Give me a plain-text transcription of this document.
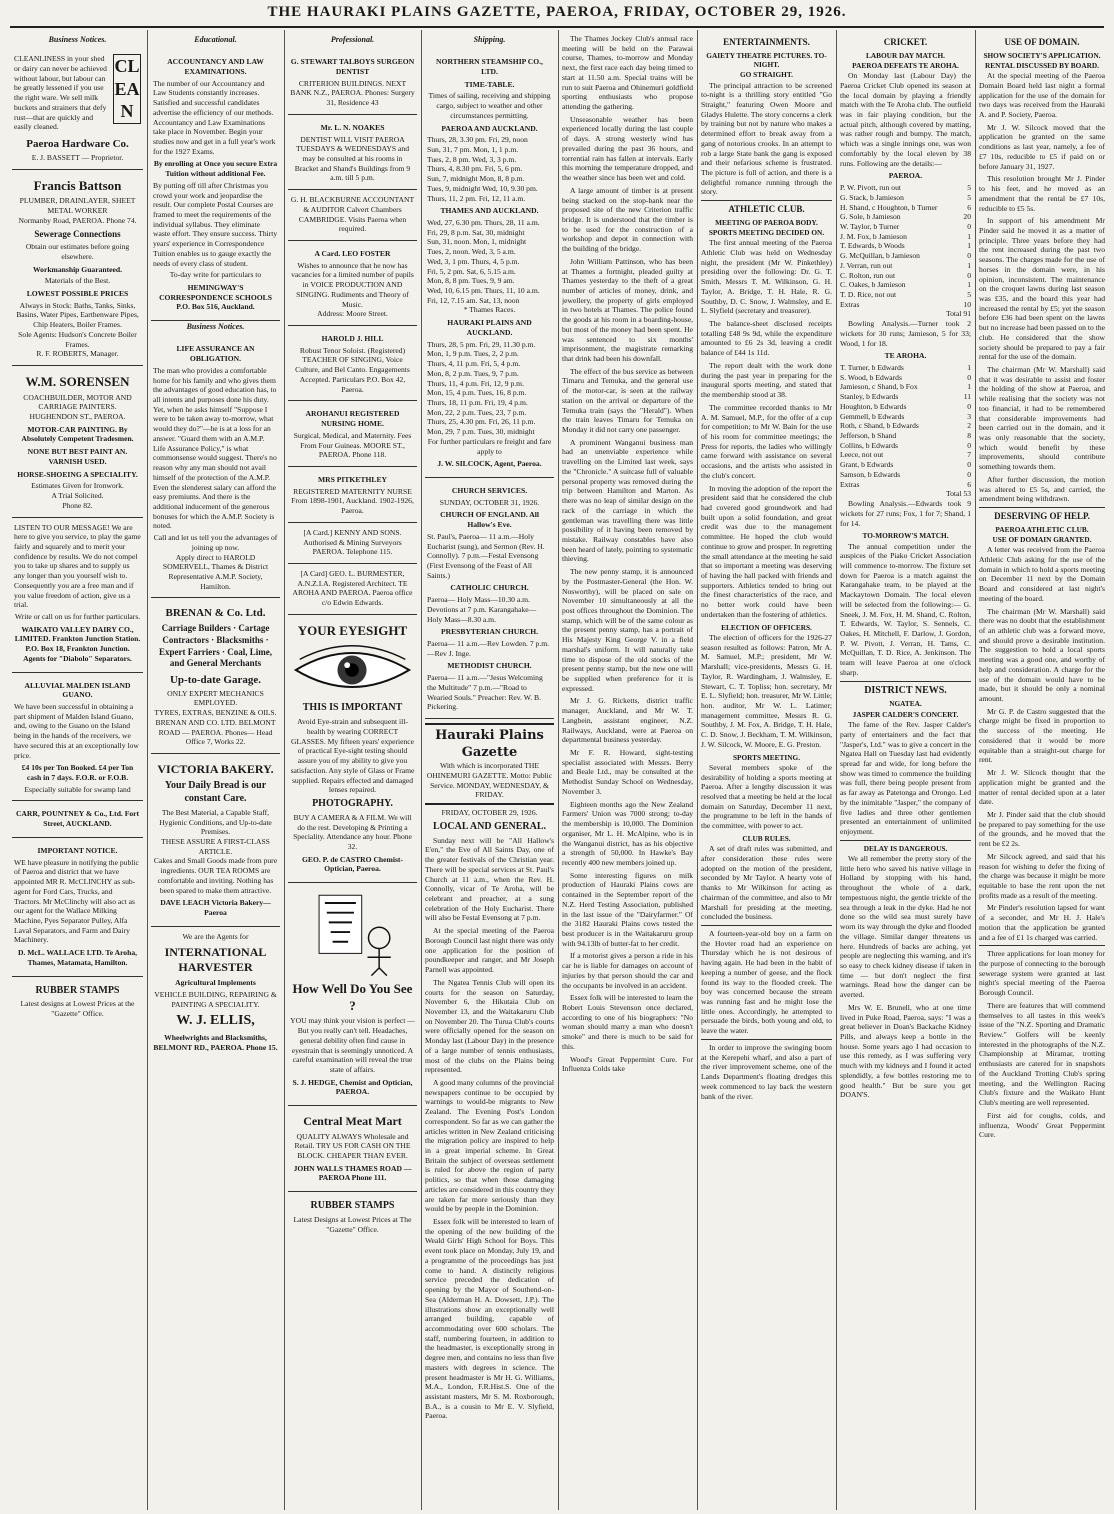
THE HAURAKI PLAINS GAZETTE, PAEROA, FRIDAY, OCTOBER 29, 1926.
Business Notices.
CLEAN

CLEANLINESS in your shed or dairy can never be achieved without labour, but labour can be greatly lessened if you use the right ware. We sell milk buckets and strainers that defy rust—that are quickly and easily cleaned.

Paeroa Hardware Co.
E. J. BASSETT — Proprietor.
Francis Battson
PLUMBER, DRAINLAYER, SHEET METAL WORKER
Normanby Road, PAEROA. Phone 74.
Sewerage Connections
Obtain our estimates before going elsewhere.
Workmanship Guaranteed.
Materials of the Best.
LOWEST POSSIBLE PRICES
Always in Stock: Baths, Tanks, Sinks, Basins, Water Pipes, Earthenware Pipes, Chip Heaters, Boiler Frames.
Sole Agents: Hudson's Concrete Boiler Frames.
R. F. ROBERTS, Manager.
W.M. SORENSEN
COACHBUILDER, MOTOR AND CARRIAGE PAINTERS. HUGHENDON ST., PAEROA.
MOTOR-CAR PAINTING. By Absolutely Competent Tradesmen.
NONE BUT BEST PAINT AN. VARNISH USED.
HORSE-SHOEING A SPECIALITY.
Estimates Given for Ironwork.
A Trial Solicited.
Phone 82.

LISTEN TO OUR MESSAGE! We are here to give you service, to play the game fairly and squarely and to merit your confidence by results. We do not compel you to take up shares and to supply us any longer than you yourself wish to. Consequently you are a free man and if you value freedom of action, give us a trial.

Write or call on us for further particulars.
WAIKATO VALLEY DAIRY CO., LIMITED. Frankton Junction Station. P.O. Box 18, Frankton Junction. Agents for "Diabolo" Separators.
ALLUVIAL MALDEN ISLAND GUANO.

We have been successful in obtaining a part shipment of Malden Island Guano, and, owing to the Guano on the Island being in the hands of the receivers, we have secured this at an exceptionally low price.

£4 10s per Ton Booked. £4 per Ton cash in 7 days. F.O.R. or F.O.B.
Especially suitable for swamp land
CARR, POUNTNEY & Co., Ltd. Fort Street, AUCKLAND.
IMPORTANT NOTICE.

WE have pleasure in notifying the public of Paeroa and district that we have appointed MR R. McCLINCHY as sub-agent for Ford Cars, Trucks, and Tractors. Mr McClinchy will also act as our agent for the Wallace Milking Machine, Pyes Separator Pulley, Alfa Laval Separators, and Farm and Dairy Machinery.

D. McL. WALLACE LTD. Te Aroha, Thames, Matamata, Hamilton.
RUBBER STAMPS
Latest designs at Lowest Prices at the "Gazette" Office.
Educational.
ACCOUNTANCY AND LAW EXAMINATIONS.

The number of our Accountancy and Law Students constantly increases. Satisfied and successful candidates advertise the efficiency of our methods. Accountancy and Law Examinations take place in November. Begin your studies now and get in a full year's work for the 1927 Exams.

By enrolling at Once you secure Extra Tuition without additional Fee.

By putting off till after Christmas you crowd your work and jeopardise the result. Our complete Postal Courses are framed to meet the requirements of the individual syllabus. They eliminate waste effort. They ensure success. Thirty years' experience in Correspondence Tuition enables us to gauge exactly the needs of every class of student.

To-day write for particulars to
HEMINGWAY'S CORRESPONDENCE SCHOOLS P.O. Box 516, Auckland.
Business Notices.
LIFE ASSURANCE AN OBLIGATION.

The man who provides a comfortable home for his family and who gives them the advantages of good education has, to all intents and purposes done his duty. Yet, when he asks himself "Suppose I were to be taken away to-morrow, what would they do?"—he is at a loss for an answer. "Guard them with an A.M.P. Life Assurance Policy," is what commonsense would suggest. There's no reason why any man should not avail himself of the protection of the A.M.P. Even the slenderest salary can afford the easy premiums. And there is the additional inducement of the generous bonuses for which the A.M.P. Society is noted.

Call and let us tell you the advantages of joining up now.
Apply direct to HAROLD SOMERVELL, Thames & District Representative A.M.P. Society, Hamilton.
BRENAN & Co. Ltd.
Carriage Builders · Cartage Contractors · Blacksmiths · Expert Farriers · Coal, Lime, and General Merchants
Up-to-date Garage.
ONLY EXPERT MECHANICS EMPLOYED.
TYRES, EXTRAS, BENZINE & OILS.
BRENAN AND CO. LTD. BELMONT ROAD — PAEROA. Phones— Head Office 7, Works 22.
VICTORIA BAKERY.
Your Daily Bread is our constant Care.
The Best Material, a Capable Staff, Hygienic Conditions, and Up-to-date Premises.
THESE ASSURE A FIRST-CLASS ARTICLE.
Cakes and Small Goods made from pure ingredients. OUR TEA ROOMS are comfortable and inviting. Nothing has been spared to make them attractive.
DAVE LEACH Victoria Bakery—Paeroa
We are the Agents for
INTERNATIONAL HARVESTER
Agricultural Implements
VEHICLE BUILDING, REPAIRING & PAINTING A SPECIALITY.
W. J. ELLIS,
Wheelwrights and Blacksmiths, BELMONT RD., PAEROA. Phone 15.
Professional.
G. STEWART TALBOYS SURGEON DENTIST
CRITERION BUILDINGS. NEXT BANK N.Z., PAEROA. Phones: Surgery 31, Residence 43
Mr. L. N. NOAKES
DENTIST WILL VISIT PAEROA TUESDAYS & WEDNESDAYS and may be consulted at his rooms in Bracket and Shand's Buildings from 9 a.m. till 5 p.m.
G. H. BLACKBURNE ACCOUNTANT & AUDITOR Calvert Chambers CAMBRIDGE. Visits Paeroa when required.
A Card. LEO FOSTER
Wishes to announce that he now has vacancies for a limited number of pupils in VOICE PRODUCTION AND SINGING. Rudiments and Theory of Music.
Address: Moore Street.
HAROLD J. HILL
Robust Tenor Soloist. (Registered) TEACHER OF SINGING, Voice Culture, and Bel Canto. Engagements Accepted. Particulars P.O. Box 42, Paeroa.
AROHANUI REGISTERED NURSING HOME.
Surgical, Medical, and Maternity. Fees From Four Guineas. MOORE ST., PAEROA. Phone 118.
MRS PITKETHLEY
REGISTERED MATERNITY NURSE From 1898-1901, Auckland. 1902-1926, Paeroa.
[A Card.] KENNY AND SONS. Authorised & Mining Surveyors PAEROA. Telephone 115.
[A Card] GEO. L. BURMESTER, A.N.Z.I.A. Registered Architect. TE AROHA AND PAEROA. Paeroa office c/o Edwin Edwards.
YOUR EYESIGHT
THIS IS IMPORTANT
Avoid Eye-strain and subsequent ill-health by wearing CORRECT GLASSES. My fifteen years' experience of practical Eye-sight testing should assure you of my ability to give you satisfaction. Any style of Glass or Frame supplied. Repairs effected and damaged lenses repaired.
PHOTOGRAPHY.
BUY A CAMERA & A FILM. We will do the rest. Developing & Printing a Speciality. Attendance any hour. Phone 32.
GEO. P. de CASTRO Chemist-Optician, Paeroa.
How Well Do You See ?
YOU may think your vision is perfect — But you really can't tell. Headaches, general debility often find cause in eyestrain that is seemingly unnoticed. A careful examination will reveal the true state of affairs.
S. J. HEDGE, Chemist and Optician, PAEROA.
Central Meat Mart
QUALITY ALWAYS Wholesale and Retail. TRY US FOR CASH ON THE BLOCK. CHEAPER THAN EVER.
JOHN WALLS THAMES ROAD — PAEROA Phone 111.
RUBBER STAMPS
Latest Designs at Lowest Prices at The "Gazette" Office.
Shipping.
NORTHERN STEAMSHIP CO., LTD.
TIME-TABLE.
Times of sailing, receiving and shipping cargo, subject to weather and other circumstances permitting.
PAEROA AND AUCKLAND.
Thurs, 28, 3.30 pm. Fri, 29, noon
Sun, 31, 7 pm. Mon, 1, 1 p.m.
Tues, 2, 8 pm. Wed, 3, 3 p.m.
Thurs, 4, 8.30 pm. Fri, 5, 6 pm.
Sun, 7, midnight Mon, 8, 8 p.m.
Tues, 9, midnight Wed, 10, 9.30 pm.
Thurs, 11, 2 pm. Fri, 12, 11 a.m.
THAMES AND AUCKLAND.
Wed, 27, 6.30 pm. Thurs, 28, 11 a.m.
Fri, 29, 8 p.m. Sat, 30, midnight
Sun, 31, noon. Mon, 1, midnight
Tues, 2, noon. Wed, 3, 5 a.m.
Wed, 3, 1 pm. Thurs, 4, 5 p.m.
Fri, 5, 2 pm. Sat, 6, 5.15 a.m.
Mon, 8, 8 pm. Tues, 9, 9 am.
Wed, 10, 6.15 pm. Thurs, 11, 10 a.m.
Fri, 12, 7.15 am. Sat, 13, noon
* Thames Races.
HAURAKI PLAINS AND AUCKLAND.
Thurs, 28, 5 pm. Fri, 29, 11.30 p.m.
Mon, 1, 9 p.m. Tues, 2, 2 p.m.
Thurs, 4, 11 p.m. Fri, 5, 4 p.m.
Mon, 8, 2 p.m. Tues, 9, 7 p.m.
Thurs, 11, 4 p.m. Fri, 12, 9 p.m.
Mon, 15, 4 p.m. Tues, 16, 8 p.m.
Thurs, 18, 11 p.m. Fri, 19, 4 p.m.
Mon, 22, 2 p.m. Tues, 23, 7 p.m.
Thurs, 25, 4.30 pm. Fri, 26, 11 p.m.
Mon, 29, 7 p.m. Tues, 30, midnight
For further particulars re freight and fare apply to
J. W. SILCOCK, Agent, Paeroa.
CHURCH SERVICES.
SUNDAY, OCTOBER 31, 1926.
CHURCH OF ENGLAND. All Hallow's Eve.
St. Paul's, Paeroa— 11 a.m.—Holy Eucharist (sung), and Sermon (Rev. H. Connolly). 7 p.m.—Festal Evensong (First Evensong of the Feast of All Saints.)
CATHOLIC CHURCH.
Paeroa— Holy Mass—10.30 a.m. Devotions at 7 p.m. Karangahake— Holy Mass—8.30 a.m.
PRESBYTERIAN CHURCH.
Paeroa— 11 a.m.—Rev Lowden. 7 p.m.—Rev J. Inge.
METHODIST CHURCH.
Paeroa— 11 a.m.—"Jesus Welcoming the Multitude" 7 p.m.—"Road to Wearied Souls." Preacher: Rev. W. B. Pickering.
Hauraki Plains Gazette
With which is incorporated THE OHINEMURI GAZETTE. Motto: Public Service. MONDAY, WEDNESDAY, & FRIDAY.
FRIDAY, OCTOBER 29, 1926.
LOCAL AND GENERAL.

Sunday next will be "All Hallow's E'en," the Eve of All Saints Day, one of the greater festivals of the Christian year. There will be special services at St. Paul's Church at 11 a.m., when the Rev. H. Connolly, vicar of Te Aroha, will be celebrant and preacher, at a sung celebration of the Holy Eucharist. There will also be Festal Evensong at 7 p.m.

At the special meeting of the Paeroa Borough Council last night there was only one application for the position of poundkeeper and ranger, and Mr Joseph Parnell was appointed.

The Ngatea Tennis Club will open its courts for the season on Saturday, November 6, the Hikutaia Club on November 13, and the Waitakaruru Club on November 20. The Turua Club's courts were officially opened for the season on Monday last (Labour Day) in the presence of a large number of tennis enthusiasts, most of the clubs on the Plains being represented.

A good many columns of the provincial newspapers continue to be occupied by warnings to would-be migrants to New Zealand. The Evening Post's London correspondent. So far as we can gather the articles written in New Zealand criticising the migration policy are inspired to help in a great imperial scheme. In Great Britain the subject of overseas settlement is ruled for above the region of party politics, so that when those damaging articles are considered in this country they are taken far more seriously than they would be by people in the Dominion.

Essex folk will be interested to learn of the opening of the new building of the Weald Girls' High School for Boys. This event took place on Monday, July 19, and a programme of the proceedings has just come to hand. A distinctly religious service preceded the dedication of opening by the Mayor of Southend-on-Sea (Alderman H. A. Dowsett, J.P.). The illustrations show an exceptionally well arranged building, capable of accommodating over 600 scholars. The staff, numbering fourteen, in addition to the headmaster, is exceptionally strong in degree men, and contains no less than five masters with degrees in science. The present headmaster is Mr H. G. Williams, M.A., London, F.R.Hist.S. One of the assistant masters, Mr S. M. Roxborough, B.A., is a cousin to Mr E. V. Slyfield, Paeroa.

The Thames Jockey Club's annual race meeting will be held on the Parawai course, Thames, to-morrow and Monday next, the first race each day being timed to start at 11.50 a.m. Special trains will be run to suit Paeroa and Ohinemuri goldfield sporting enthusiasts who propose attending the gathering.

Unseasonable weather has been experienced locally during the last couple of days. A strong westerly wind has prevailed during the past 36 hours, and torrential rain has fallen at intervals. Early this morning the temperature dropped, and the weather since has been wet and cold.

A large amount of timber is at present being stacked on the stop-bank near the proposed site of the new Criterion traffic bridge. It is understood that the timber is to be used for the construction of a workshop and depot in connection with the building of the bridge.

John William Pattinson, who has been at Thames a fortnight, pleaded guilty at Thames yesterday to the theft of a great number of articles of money, drink, and jewellery, the property of girls employed in two hotels at Thames. The police found the goods at his room in a boarding-house, but most of the money had been spent. He was sentenced to six months' imprisonment, the magistrate remarking that drink had been his downfall.

The effect of the bus service as between Timaru and Temuka, and the general use of the motor-car, is seen at the railway station on the arrival or departure of the Temuka train (says the "Herald"). When the train leaves Timaru for Temuka on Monday it did not carry one passenger.

A prominent Wanganui business man had an unenviable experience while travelling on the Limited last week, says the "Chronicle." A suitcase full of valuable personal property was removed during the trip between Hamilton and Marton. As there was no leap of similar design on the rack of the carriage in which the gentleman was travelling there was little possibility of it having been removed by mistake. Railway constables have also been heard of lately, pointing to systematic thieving.

The new penny stamp, it is announced by the Postmaster-General (the Hon. W. Nosworthy), will be placed on sale on November 10 simultaneously at all the post offices throughout the Dominion. The stamp, which will be of the same colour as the present penny stamp, has a portrait of His Majesty King George V. in a field marshal's uniform. It will naturally take time to dispose of the old stocks of the present penny stamp, but the new one will be supplied when preference for it is expressed.

Mr J. G. Ricketts, district traffic manager, Auckland, and Mr W. T. Langbein, assistant engineer, N.Z. Railways, Auckland, were at Paeroa on departmental business yesterday.

Mr F. R. Howard, sight-testing specialist associated with Messrs. Berry and Beale Ltd., may be consulted at the Methodist Sunday School on Wednesday, November 3.

Eighteen months ago the New Zealand Farmers' Union was 7000 strong; to-day the membership is 10,000. The Dominion organiser, Mr L. H. McAlpine, who is in the Wanganui district, has as his objective a strength of 50,000. In Hawke's Bay recently 400 new members joined up.

Some interesting figures on milk production of Hauraki Plains cows are contained in the September report of the N.Z. Herd Testing Association, published in the last issue of the "Dairyfarmer." Of the 3182 Hauraki Plains cows tested the best producer is in the Waitakaruru group with 94.13lb of butter-fat to her credit.

If a motorist gives a person a ride in his car he is liable for damages on account of injuries by that person should the car and the occupants be involved in an accident.

Essex folk will be interested to learn the Robert Louis Stevenson once declared, according to one of his biographers: "No woman should marry a man who doesn't smoke" and there is much to be said for this.

Wood's Great Peppermint Cure. For Influenza Colds take

ENTERTAINMENTS.
GAIETY THEATRE PICTURES. TO-NIGHT.
GO STRAIGHT.

The principal attraction to be screened to-night is a thrilling story entitled "Go Straight," featuring Owen Moore and Gladys Hulette. The story concerns a clerk by training but not by nature who makes a determined effort to break away from a gang of notorious crooks. In an attempt to rob a large State bank the gang is exposed and their nefarious scheme is frustrated. The picture is full of action, and there is a delightful romance running through the story.

ATHLETIC CLUB.
MEETING OF PAEROA BODY.
SPORTS MEETING DECIDED ON.

The first annual meeting of the Paeroa Athletic Club was held on Wednesday night, the president (Mr W. Pinkethley) presiding over the following: Dr. G. T. Smith, Messrs T. M. Wilkinson, G. H. Taylor, A. Bridge, T. H. Hale, R. G. Southby, D. C. Snow, J. Walmsley, and E. L. Slyfield (secretary and treasurer).

The balance-sheet disclosed receipts totalling £48 9s 9d, while the expenditure amounted to £6 2s 3d, leaving a credit balance of £44 1s 11d.

The report dealt with the work done during the past year in preparing for the inaugural sports meeting, and stated that the membership stood at 38.

The committee recorded thanks to Mr A. M. Samuel, M.P., for the offer of a cup for competition; to Mr W. Bain for the use of his room for committee meetings; the Press for reports, the ladies who willingly came forward with assistance on several occasions, and the artists who assisted in the club's concert.

In moving the adoption of the report the president said that he considered the club had covered good groundwork and had built upon a solid foundation, and great credit was due to the management committee. He hoped the club would continue to grow and prosper. In regretting the small attendance at the meeting he said that so important a meeting was deserving of having the hall packed with friends and supporters. Athletics tended to bring out the finest characteristics of the race, and no better work could have been undertaken than the fostering of athletics.

ELECTION OF OFFICERS.

The election of officers for the 1926-27 season resulted as follows: Patron, Mr A. M. Samuel, M.P.; president, Mr W. Marshall; vice-presidents, Messrs G. H. Taylor, R. Wardingham, J. Walmsley, E. Stewart, C. T. Topliss; hon. secretary, Mr E. L. Slyfield; hon. treasurer, Mr W. Little; hon. auditor, Mr W. L. Latimer; management committee, Messrs R. G. Southby, J. M. Fox, A. Bridge, T. H. Hale, C. D. Snow, J. Beckham, T. M. Wilkinson, J. W. Silcock, W. Moore, E. G. Preston.

SPORTS MEETING.

Several members spoke of the desirability of holding a sports meeting at Paeroa. After a lengthy discussion it was resolved that a meeting be held at the local domain on Saturday, December 11 next, the programme to be left in the hands of the committee, with power to act.

CLUB RULES.

A set of draft rules was submitted, and after consideration these rules were adopted on the motion of the president, seconded by Mr Taylor. A hearty vote of thanks to Mr Wilkinson for acting as chairman of the committee, and also to Mr Marshall for presiding at the meeting, concluded the business.

A fourteen-year-old boy on a farm on the Hovter road had an experience on Thursday which he is not desirous of having again. He had been in the habit of keeping a number of geese, and the flock found its way to the flooded creek. The boy was concerned because the stream was running fast and he might lose the little ones. Accordingly, he attempted to persuade the birds, both young and old, to leave the water.

In order to improve the swinging boom at the Kerepehi wharf, and also a part of the river improvement scheme, one of the Lands Department's floating dredges this week commenced to lay back the western bank of the river.

CRICKET.
LABOUR DAY MATCH.
PAEROA DEFEATS TE AROHA.

On Monday last (Labour Day) the Paeroa Cricket Club opened its season at the local domain by playing a friendly match with the Te Aroha club. The outfield was in fair playing condition, but the actual pitch, although covered by matting, was rather rough and bumpy. The match, which was a single innings one, was won comfortably by the local eleven by 38 runs. Following are the details:—

PAEROA.
P. W. Pivott, run out	5
G. Stack, b Jamieson	5
H. Shand, c Houghton, b Turner	6
G. Sole, b Jamieson	20
W. Taylor, b Turner	0
J. M. Fox, b Jamieson	1
T. Edwards, b Woods	1
G. McQuillan, b Jamieson	0
J. Verran, run out	1
C. Rolton, run out	0
C. Oakes, b Jamieson	1
T. D. Rice, not out	5
Extras	10
Total 91

Bowling Analysis.—Turner took 2 wickets for 30 runs; Jamieson, 5 for 33; Wood, 1 for 18.

TE AROHA.
T. Turner, b Edwards	1
S. Wood, b Edwards	0
Jamieson, c Shand, b Fox	1
Stanley, b Edwards	11
Houghton, b Edwards	0
Gemmell, b Edwards	3
Roth, c Shand, b Edwards	2
Jefferson, b Shand	8
Collins, b Edwards	0
Leece, not out	7
Grant, b Edwards	0
Samson, b Edwards	0
Extras	6
Total 53

Bowling Analysis.—Edwards took 9 wickets for 27 runs; Fox, 1 for 7; Shand, 1 for 14.

TO-MORROW'S MATCH.

The annual competition under the auspices of the Piako Cricket Association will commence to-morrow. The fixture set down for Paeroa is a match against the Karangahake team, to be played at the Mackaytown Domain. The local eleven will be selected from the following:— G. Sneek, J. M. Fox, H. M. Shand, C. Rolton, T. Edwards, W. Taylor, S. Sennels, C. Oakes, H. Mitchell, F. Darlow, J. Gordon, P. W. Pivott, J. Verran, H. Tams, C. McQuillan, T. D. Rice, A. Jenkinson. The team will leave Paeroa at one o'clock sharp.

DISTRICT NEWS.
NGATEA.
JASPER CALDER'S CONCERT.

The fame of the Rev. Jasper Calder's party of entertainers and the fact that "Jasper's, Ltd." was to give a concert in the Ngatea Hall on Tuesday last had evidently spread far and wide, for long before the show was timed to commence the building was full, there being people present from as far away as Patetonga and Orongo. Led by the inimitable "Jasper," the company of five ladies and three other gentlemen presented an entertainment of unlimited enjoyment.

DELAY IS DANGEROUS.

We all remember the pretty story of the little hero who saved his native village in Holland by stopping with his hand, throughout the whole of a dark, tempestuous night, the gentle trickle of the sea through a leak in the dyke. Had he not done so the wild sea must surely have worn its way through the dyke and flooded the village. Similar danger threatens us here. Hundreds of backs are aching, yet people are neglecting this warning, and it's so easy to check kidney disease if taken in time — but don't neglect the first warnings. Read how the danger can be averted.

Mrs W. E. Brunell, who at one time lived in Puke Road, Paeroa, says: "I was a great believer in Doan's Backache Kidney Pills, and always keep a bottle in the house. Some years ago I had occasion to use this remedy, as I was suffering very much with my kidneys and I found it acted splendidly, a few bottles restoring me to good health." But be sure you get DOAN'S.

USE OF DOMAIN.
SHOW SOCIETY'S APPLICATION.
RENTAL DISCUSSED BY BOARD.

At the special meeting of the Paeroa Domain Board held last night a formal application for the use of the domain for two days was received from the Hauraki A. and P. Society, Paeroa.

Mr J. W. Silcock moved that the application be granted on the same conditions as last year, namely, a fee of £7 10s, reducible to £5 if paid on or before January 31, 1927.

This resolution brought Mr J. Pinder to his feet, and he moved as an amendment that the rental be £7 10s, reducible to £5 5s.

In support of his amendment Mr Pinder said he moved it as a matter of principle. Three years before they had the rent increased during the past two seasons. The charges made for the use of horses in the domain were, in his opinion, inconsistent. The maintenance on the croquet lawns during last season was £35, and the board this year had increased the rental by £5; yet the season before £36 had been spent on the lawns but no increase had been passed on to the club. He considered that the show society should be prepared to pay a fair rental for the use of the domain.

The chairman (Mr W. Marshall) said that it was desirable to assist and foster the holding of the show at Paeroa, and while realising that the society was not too financial, it had to be remembered that considerable improvements had been carried out in the domain, and it was only reasonable that the society, which would benefit by these improvements, should contribute something towards them.

After further discussion, the motion was altered to £5 5s, and carried, the amendment being withdrawn.

DESERVING OF HELP.
PAEROA ATHLETIC CLUB.
USE OF DOMAIN GRANTED.

A letter was received from the Paeroa Athletic Club asking for the use of the domain in which to hold a sports meeting on December 11 next by the Domain Board and considered at last night's meeting of the board.

The chairman (Mr W. Marshall) said there was no doubt that the establishment of an athletic club was a forward move, and should prove a desirable institution. The suggestion to hold a local sports meeting was a good one, and worthy of help and consideration. A charge for the use of the domain would have to be made, but it should be only a nominal amount.

Mr G. P. de Castro suggested that the charge might be fixed in proportion to the success of the meeting. He considered that it would be more equitable than a straight-out charge for rent.

Mr J. W. Silcock thought that the application might be granted and the matter of rental decided upon at a later date.

Mr J. Pinder said that the club should be prepared to pay something for the use of the grounds, and he moved that the rent be £2 2s.

Mr Silcock agreed, and said that his reason for wishing to defer the fixing of the charge was because it might be more equitable to base the rent upon the net profits made as a result of the meeting.

Mr Pinder's resolution lapsed for want of a seconder, and Mr H. J. Hale's motion that the application be granted and a fee of £1 1s charged was carried.

Three applications for loan money for the purpose of connecting to the borough sewerage system were granted at last night's special meeting of the Paeroa Borough Council.

There are features that will commend themselves to all tastes in this week's issue of the "N.Z. Sporting and Dramatic Review." Golfers will be keenly interested in the photographs of the N.Z. Championship at Miramar, trotting enthusiasts are catered for in snapshots of the Auckland Trotting Club's spring meeting, and the Wellington Racing Club's fixture and the Waikato Hunt Club's meeting are well represented.

First aid for coughs, colds, and influenza, Woods' Great Peppermint Cure.
